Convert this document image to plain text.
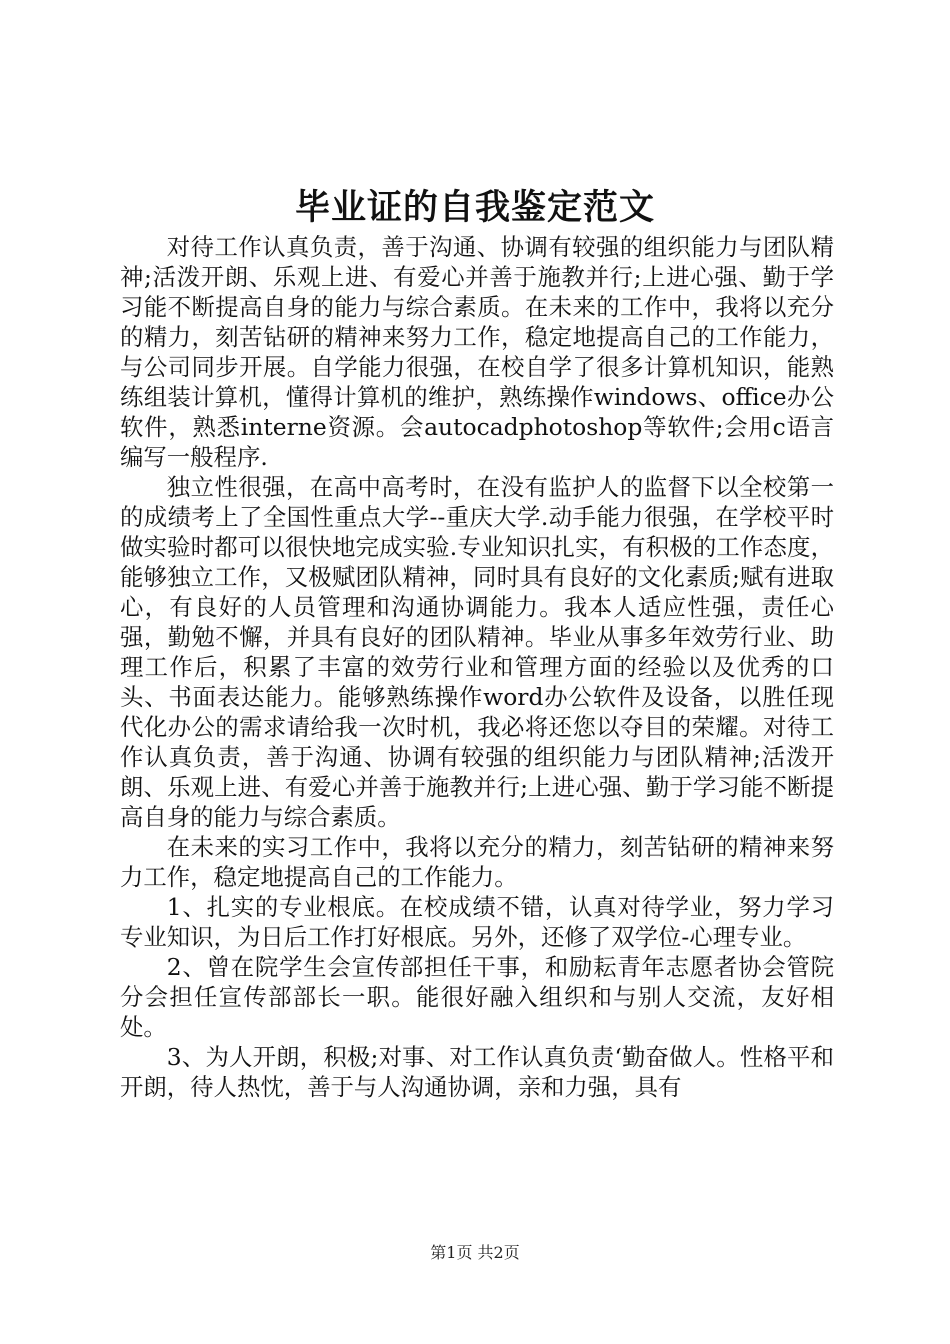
毕业证的自我鉴定范文

对待工作认真负责，善于沟通、协调有较强的组织能力与团队精神;活泼开朗、乐观上进、有爱心并善于施教并行;上进心强、勤于学习能不断提高自身的能力与综合素质。在未来的工作中，我将以充分的精力，刻苦钻研的精神来努力工作，稳定地提高自己的工作能力，与公司同步开展。自学能力很强，在校自学了很多计算机知识，能熟练组装计算机，懂得计算机的维护，熟练操作windows、office办公软件，熟悉interne资源。会autocadphotoshop等软件;会用c语言编写一般程序.

独立性很强，在高中高考时，在没有监护人的监督下以全校第一的成绩考上了全国性重点大学--重庆大学.动手能力很强，在学校平时做实验时都可以很快地完成实验.专业知识扎实，有积极的工作态度，能够独立工作，又极赋团队精神，同时具有良好的文化素质;赋有进取心，有良好的人员管理和沟通协调能力。我本人适应性强，责任心强，勤勉不懈，并具有良好的团队精神。毕业从事多年效劳行业、助理工作后，积累了丰富的效劳行业和管理方面的经验以及优秀的口头、书面表达能力。能够熟练操作word办公软件及设备，以胜任现代化办公的需求请给我一次时机，我必将还您以夺目的荣耀。对待工作认真负责，善于沟通、协调有较强的组织能力与团队精神;活泼开朗、乐观上进、有爱心并善于施教并行;上进心强、勤于学习能不断提高自身的能力与综合素质。

在未来的实习工作中，我将以充分的精力，刻苦钻研的精神来努力工作，稳定地提高自己的工作能力。

1、扎实的专业根底。在校成绩不错，认真对待学业，努力学习专业知识，为日后工作打好根底。另外，还修了双学位-心理专业。

2、曾在院学生会宣传部担任干事，和励耘青年志愿者协会管院分会担任宣传部部长一职。能很好融入组织和与别人交流，友好相处。

3、为人开朗，积极;对事、对工作认真负责‘勤奋做人。性格平和开朗，待人热忱，善于与人沟通协调，亲和力强，具有

第1页 共2页
